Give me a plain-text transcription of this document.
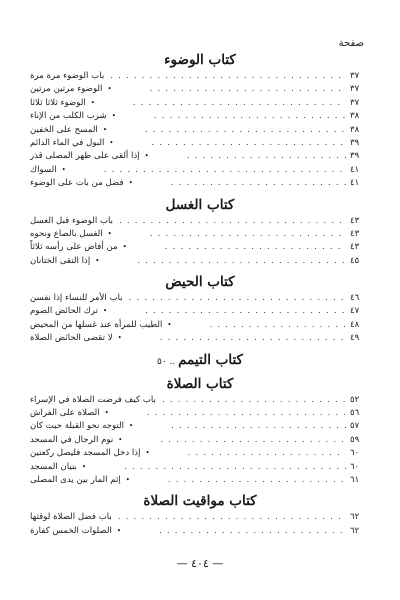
صفحة
كتاب الوضوء
باب الوضوء مرة مرة . . .	٣٧
• الوضوء مرتين مرتين . . .	٣٧
• الوضوء ثلاثا ثلاثا . . .	٣٧
• شرب الكلب من الإناء . . .	٣٨
• المسح على الخفين . . .	٣٨
• البول في الماء الدائم . . .	٣٩
• إذا ألقى على ظهر المصلى قذر . . .	٣٩
• السواك . . .	٤١
• فضل من بات على الوضوء . . .	٤١
كتاب الغسل
باب الوضوء قبل الغسل . . .	٤٣
• الغسل بالصاع ونحوه . . .	٤٣
• من أفاض على رأسه ثلاثاً . . .	٤٣
• إذا التقى الختانان . . .	٤٥
كتاب الحيض
باب الأمر للنساء إذا نفسن . . .	٤٦
• ترك الحائض الصوم . . .	٤٧
• الطيب للمرأة عند غسلها من المحيض . . .	٤٨
• لا تقضى الحائض الصلاة . . .	٤٩
كتاب التيمم .. ٥٠
كتاب الصلاة
باب كيف فرضت الصلاة في الإسراء . . .	٥٢
• الصلاة على الفراش . . .	٥٦
• التوجه نحو القبلة حيث كان . . .	٥٧
• نوم الرجال في المسجد . . .	٥٩
• إذا دخل المسجد فليصل ركعتين . . .	٦٠
• بنيان المسجد . . .	٦٠
• إثم المار بين يدى المصلى . . .	٦١
كتاب مواقيت الصلاة
باب فضل الصلاة لوقتها . . .	٦٢
• الصلوات الخمس كفارة . . .	٦٢
— ٤٠٤ —
